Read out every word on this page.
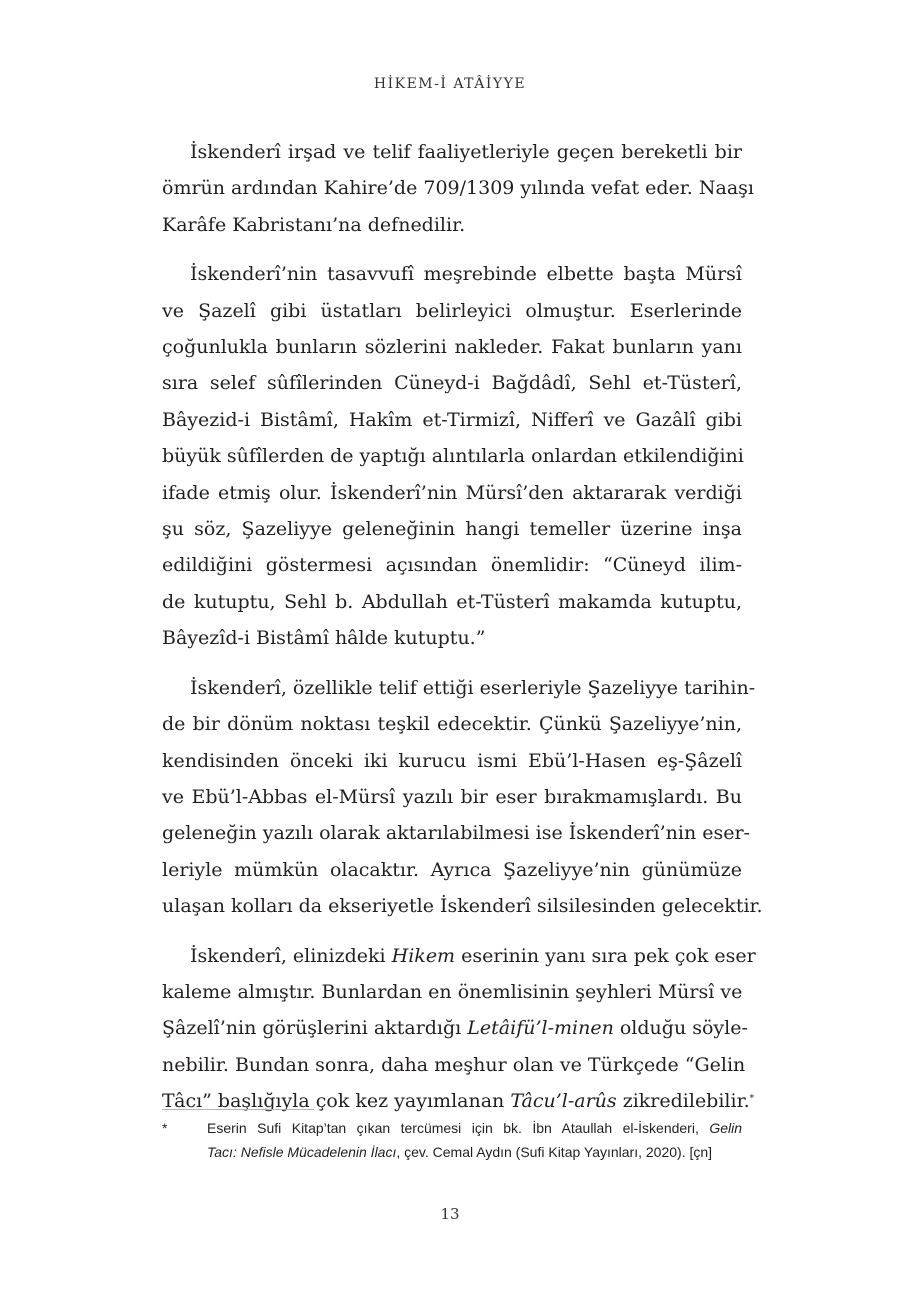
HİKEM-İ ATÂİYYE

İskenderî irşad ve telif faaliyetleriyle geçen bereketli bir
ömrün ardından Kahire’de 709/1309 yılında vefat eder. Naaşı
Karâfe Kabristanı’na defnedilir.

İskenderî’nin tasavvufî meşrebinde elbette başta Mürsî
ve Şazelî gibi üstatları belirleyici olmuştur. Eserlerinde
çoğunlukla bunların sözlerini nakleder. Fakat bunların yanı
sıra selef sûfîlerinden Cüneyd-i Bağdâdî, Sehl et-Tüsterî,
Bâyezid-i Bistâmî, Hakîm et-Tirmizî, Nifferî ve Gazâlî gibi
büyük sûfîlerden de yaptığı alıntılarla onlardan etkilendiğini
ifade etmiş olur. İskenderî’nin Mürsî’den aktararak verdiği
şu söz, Şazeliyye geleneğinin hangi temeller üzerine inşa
edildiğini göstermesi açısından önemlidir: “Cüneyd ilim-
de kutuptu, Sehl b. Abdullah et-Tüsterî makamda kutuptu,
Bâyezîd-i Bistâmî hâlde kutuptu.”

İskenderî, özellikle telif ettiği eserleriyle Şazeliyye tarihin-
de bir dönüm noktası teşkil edecektir. Çünkü Şazeliyye’nin,
kendisinden önceki iki kurucu ismi Ebü’l-Hasen eş-Şâzelî
ve Ebü’l-Abbas el-Mürsî yazılı bir eser bırakmamışlardı. Bu
geleneğin yazılı olarak aktarılabilmesi ise İskenderî’nin eser-
leriyle mümkün olacaktır. Ayrıca Şazeliyye’nin günümüze
ulaşan kolları da ekseriyetle İskenderî silsilesinden gelecektir.

İskenderî, elinizdeki Hikem eserinin yanı sıra pek çok eser
kaleme almıştır. Bunlardan en önemlisinin şeyhleri Mürsî ve
Şâzelî’nin görüşlerini aktardığı Letâifü’l-minen olduğu söyle-
nebilir. Bundan sonra, daha meşhur olan ve Türkçede “Gelin
Tâcı” başlığıyla çok kez yayımlanan Tâcu’l-arûs zikredilebilir.*

*	Eserin Sufi Kitap’tan çıkan tercümesi için bk. İbn Ataullah el-İskenderi, Gelin
Tacı: Nefisle Mücadelenin İlacı, çev. Cemal Aydın (Sufi Kitap Yayınları, 2020). [çn]
13
